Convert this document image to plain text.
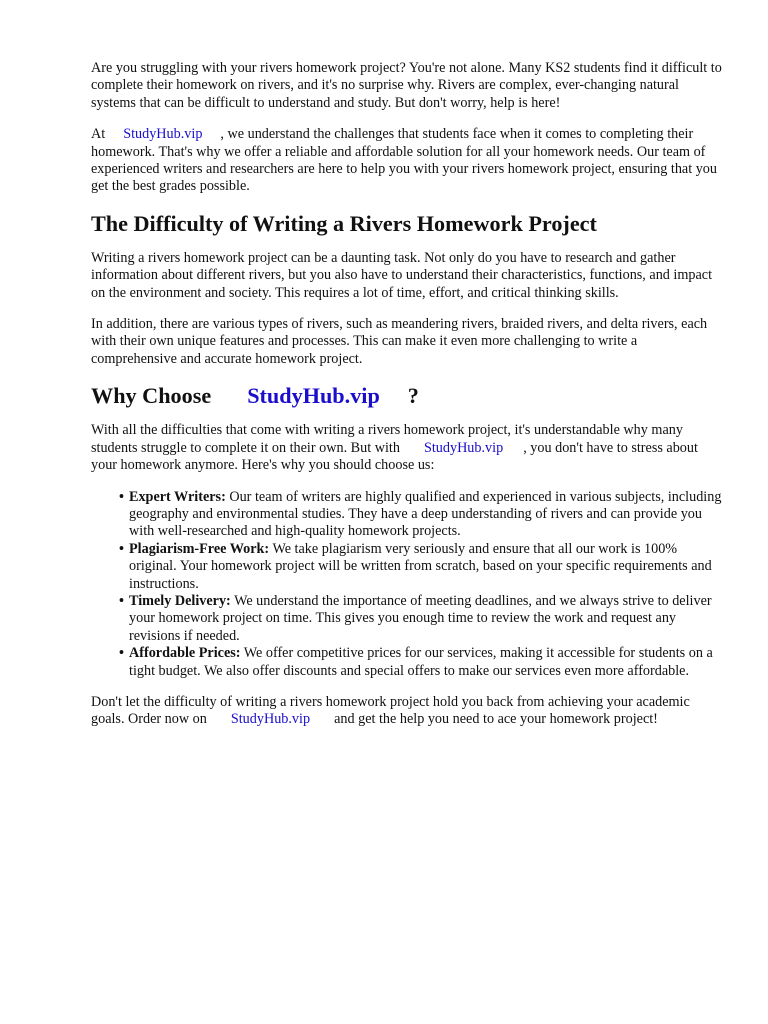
Are you struggling with your rivers homework project? You're not alone. Many KS2 students find it difficult to complete their homework on rivers, and it's no surprise why. Rivers are complex, ever-changing natural systems that can be difficult to understand and study. But don't worry, help is here!

At StudyHub.vip , we understand the challenges that students face when it comes to completing their homework. That's why we offer a reliable and affordable solution for all your homework needs. Our team of experienced writers and researchers are here to help you with your rivers homework project, ensuring that you get the best grades possible.

The Difficulty of Writing a Rivers Homework Project

Writing a rivers homework project can be a daunting task. Not only do you have to research and gather information about different rivers, but you also have to understand their characteristics, functions, and impact on the environment and society. This requires a lot of time, effort, and critical thinking skills.

In addition, there are various types of rivers, such as meandering rivers, braided rivers, and delta rivers, each with their own unique features and processes. This can make it even more challenging to write a comprehensive and accurate homework project.

Why Choose StudyHub.vip ?

With all the difficulties that come with writing a rivers homework project, it's understandable why many students struggle to complete it on their own. But with StudyHub.vip , you don't have to stress about your homework anymore. Here's why you should choose us:

• Expert Writers: Our team of writers are highly qualified and experienced in various subjects, including geography and environmental studies. They have a deep understanding of rivers and can provide you with well-researched and high-quality homework projects.
• Plagiarism-Free Work: We take plagiarism very seriously and ensure that all our work is 100% original. Your homework project will be written from scratch, based on your specific requirements and instructions.
• Timely Delivery: We understand the importance of meeting deadlines, and we always strive to deliver your homework project on time. This gives you enough time to review the work and request any revisions if needed.
• Affordable Prices: We offer competitive prices for our services, making it accessible for students on a tight budget. We also offer discounts and special offers to make our services even more affordable.

Don't let the difficulty of writing a rivers homework project hold you back from achieving your academic goals. Order now on StudyHub.vip and get the help you need to ace your homework project!
